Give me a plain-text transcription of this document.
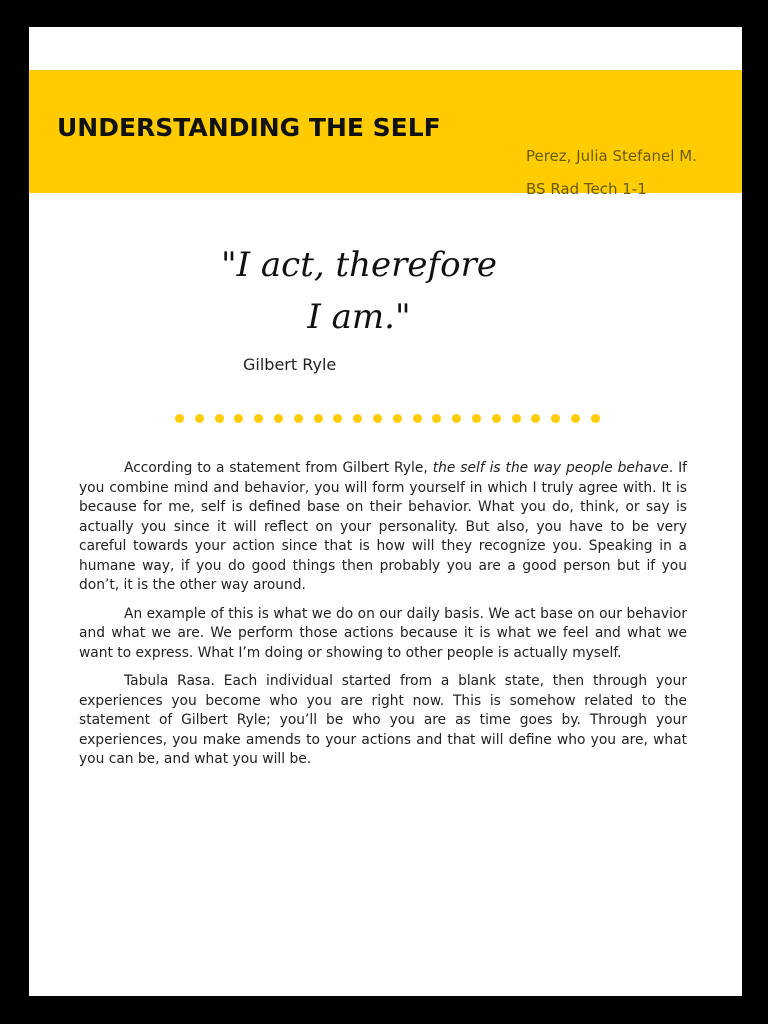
UNDERSTANDING THE SELF
Perez, Julia Stefanel M.
BS Rad Tech 1-1
"I act, therefore I am."
Gilbert Ryle

According to a statement from Gilbert Ryle, the self is the way people behave. If you combine mind and behavior, you will form yourself in which I truly agree with. It is because for me, self is defined base on their behavior. What you do, think, or say is actually you since it will reflect on your personality. But also, you have to be very careful towards your action since that is how will they recognize you. Speaking in a humane way, if you do good things then probably you are a good person but if you don’t, it is the other way around.

An example of this is what we do on our daily basis. We act base on our behavior and what we are. We perform those actions because it is what we feel and what we want to express. What I’m doing or showing to other people is actually myself.

Tabula Rasa. Each individual started from a blank state, then through your experiences you become who you are right now. This is somehow related to the statement of Gilbert Ryle; you’ll be who you are as time goes by. Through your experiences, you make amends to your actions and that will define who you are, what you can be, and what you will be.
